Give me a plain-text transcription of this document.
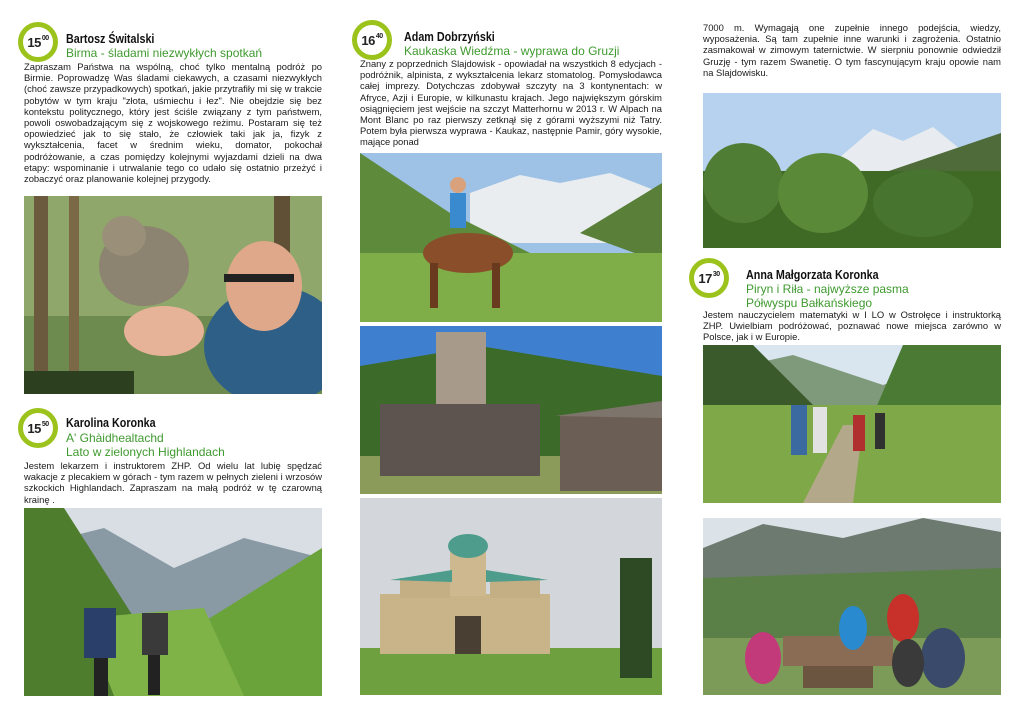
$15^{00}$ Bartosz Świtalski
Birma - śladami niezwykłych spotkań
Zapraszam Państwa na wspólną, choć tylko mentalną podróż po Birmie. Poprowadzę Was śladami ciekawych, a czasami niezwykłych (choć zawsze przypadkowych) spotkań, jakie przytrafiły mi się w trakcie pobytów w tym kraju "złota, uśmiechu i łez". Nie obejdzie się bez kontekstu politycznego, który jest ściśle związany z tym państwem, powoli oswobadzającym się z wojskowego reżimu. Postaram się też opowiedzieć jak to się stało, że człowiek taki jak ja, fizyk z wykształcenia, facet w średnim wieku, domator, pokochał podróżowanie, a czas pomiędzy kolejnymi wyjazdami dzieli na dwa etapy: wspominanie i utrwalanie tego co udało się ostatnio przeżyć i zobaczyć oraz planowanie kolejnej przygody.
$15^{50}$ Karolina Koronka
A' Ghàidhealtachd
Lato w zielonych Highlandach
Jestem lekarzem i instruktorem ZHP. Od wielu lat lubię spędzać wakacje z plecakiem w górach - tym razem w pełnych zieleni i wrzosów szkockich Highlandach. Zapraszam na małą podróż w tę czarowną krainę .
$16^{40}$ Adam Dobrzyński
Kaukaska Wiedźma - wyprawa do Gruzji
Znany z poprzednich Slajdowisk - opowiadał na wszystkich 8 edycjach - podróżnik, alpinista, z wykształcenia lekarz stomatolog. Pomysłodawca całej imprezy. Dotychczas zdobywał szczyty na 3 kontynentach: w Afryce, Azji i Europie, w kilkunastu krajach. Jego największym górskim osiągnięciem jest wejście na szczyt Matterhornu w 2013 r. W Alpach na Mont Blanc po raz pierwszy zetknął się z górami wyższymi niż Tatry. Potem była pierwsza wyprawa - Kaukaz, następnie Pamir, góry wysokie, mające ponad
7000 m. Wymagają one zupełnie innego podejścia, wiedzy, wyposażenia. Są tam zupełnie inne warunki i zagrożenia. Ostatnio zasmakował w zimowym taternictwie. W sierpniu ponownie odwiedził Gruzję - tym razem Swanetię. O tym fascynującym kraju opowie nam na Slajdowisku.
$17^{30}$ Anna Małgorzata Koronka
Piryn i Riła - najwyższe pasma
Półwyspu Bałkańskiego
Jestem nauczycielem matematyki w I LO w Ostrołęce i instruktorką ZHP. Uwielbiam podróżować, poznawać nowe miejsca zarówno w Polsce, jak i w Europie.
